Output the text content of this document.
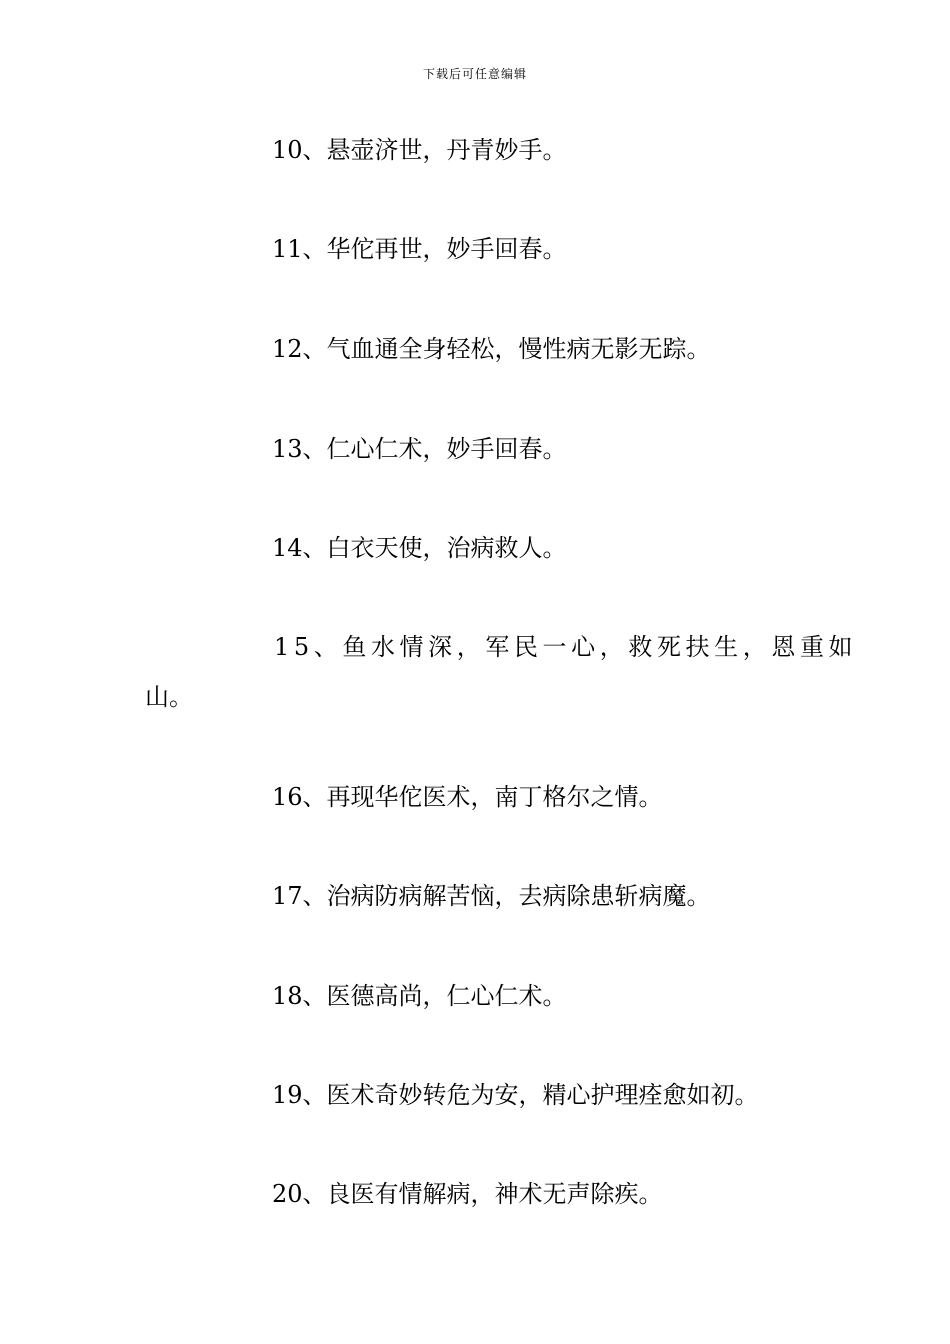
下载后可任意编辑
10、悬壶济世，丹青妙手。
11、华佗再世，妙手回春。
12、气血通全身轻松，慢性病无影无踪。
13、仁心仁术，妙手回春。
14、白衣天使，治病救人。
15、鱼水情深，军民一心，救死扶生，恩重如
山。
16、再现华佗医术，南丁格尔之情。
17、治病防病解苦恼，去病除患斩病魔。
18、医德高尚，仁心仁术。
19、医术奇妙转危为安，精心护理痊愈如初。
20、良医有情解病，神术无声除疾。
